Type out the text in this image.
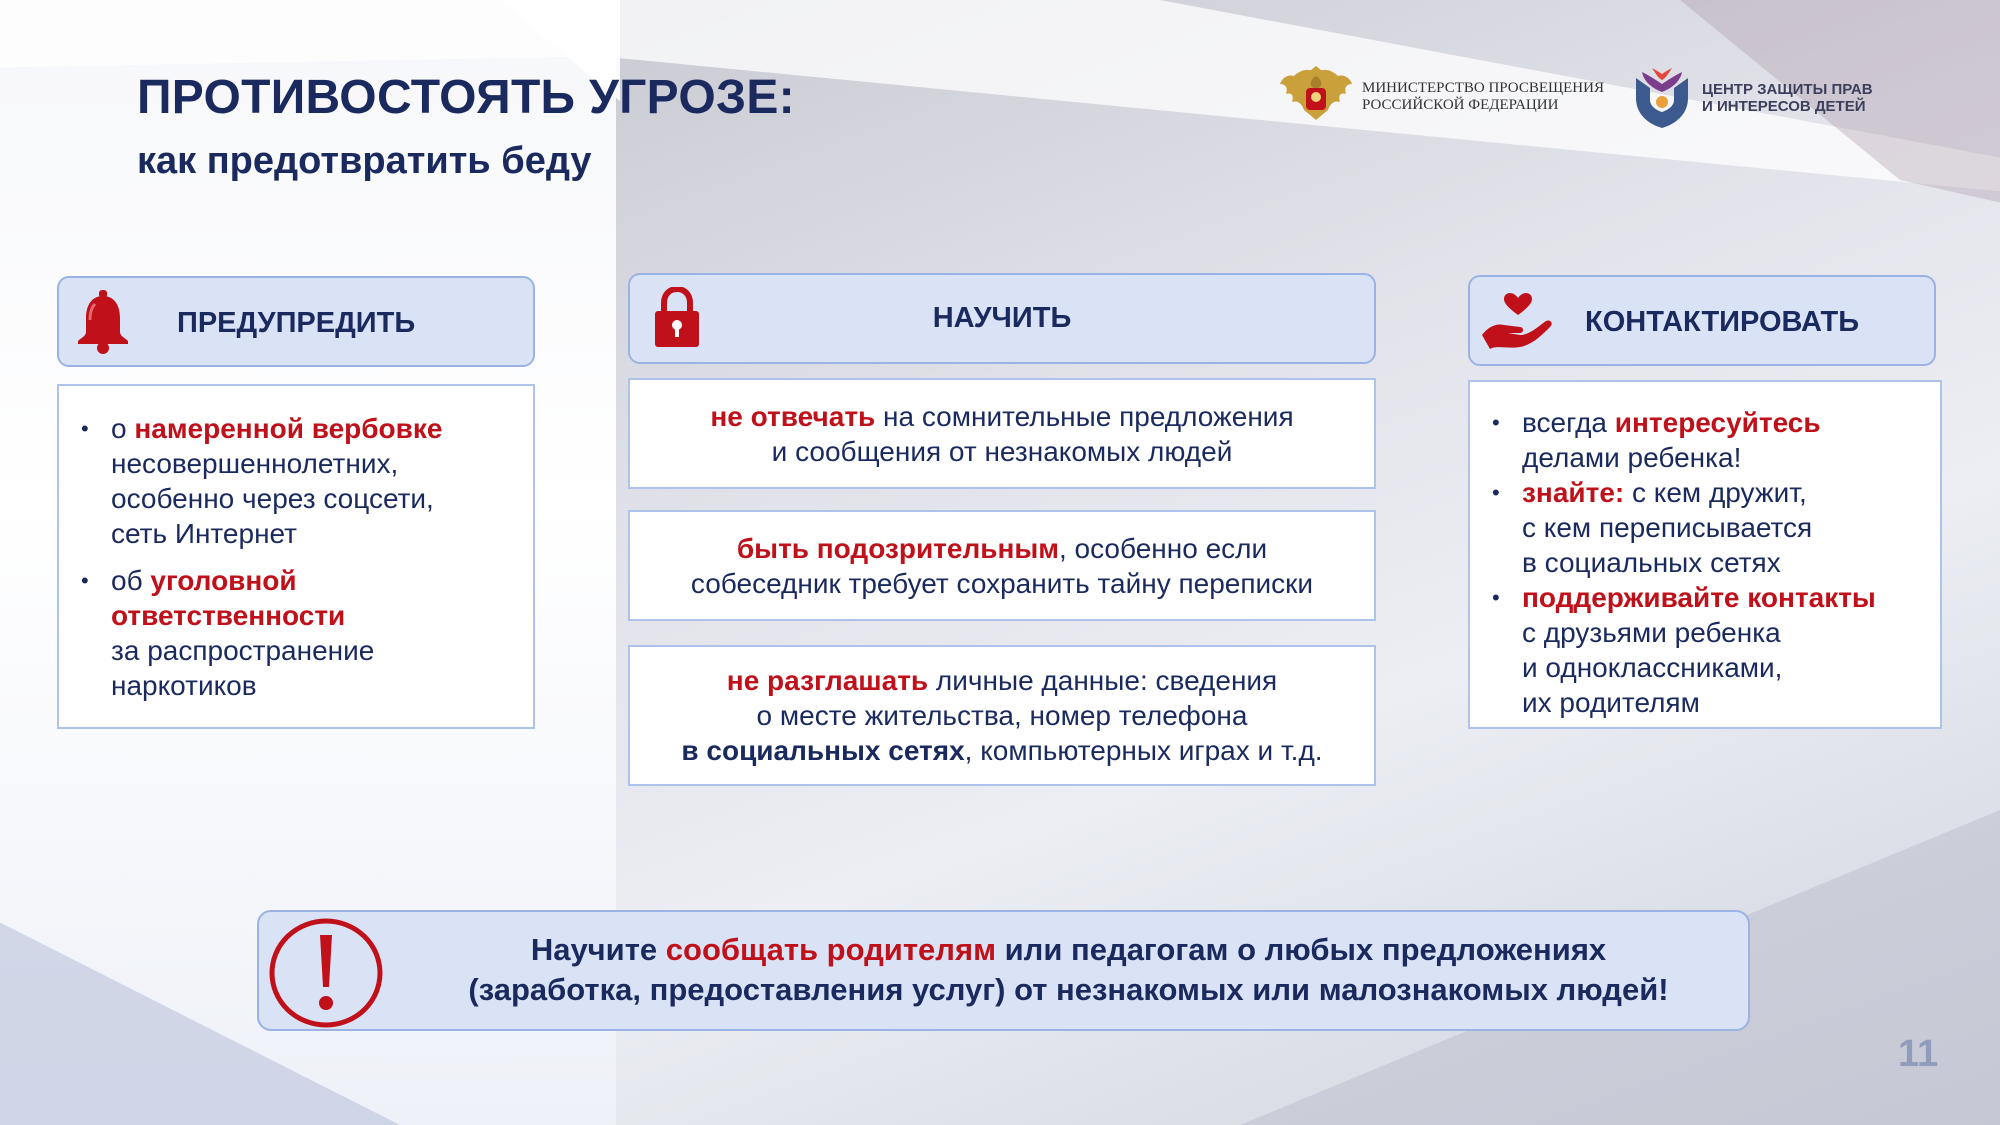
ПРОТИВОСТОЯТЬ УГРОЗЕ:
как предотвратить беду
МИНИСТЕРСТВО ПРОСВЕЩЕНИЯ
РОССИЙСКОЙ ФЕДЕРАЦИИ
ЦЕНТР ЗАЩИТЫ ПРАВ
И ИНТЕРЕСОВ ДЕТЕЙ
ПРЕДУПРЕДИТЬ	НАУЧИТЬ	КОНТАКТИРОВАТЬ
• о намеренной вербовке
несовершеннолетних,
особенно через соцсети,
сеть Интернет
• об уголовной
ответственности
за распространение
наркотиков
не отвечать на сомнительные предложения
и сообщения от незнакомых людей
быть подозрительным, особенно если
собеседник требует сохранить тайну переписки
не разглашать личные данные: сведения
о месте жительства, номер телефона
в социальных сетях, компьютерных играх и т.д.
• всегда интересуйтесь
делами ребенка!
• знайте: с кем дружит,
с кем переписывается
в социальных сетях
• поддерживайте контакты
с друзьями ребенка
и одноклассниками,
их родителям
Научите сообщать родителям или педагогам о любых предложениях
(заработка, предоставления услуг) от незнакомых или малознакомых людей!
11
